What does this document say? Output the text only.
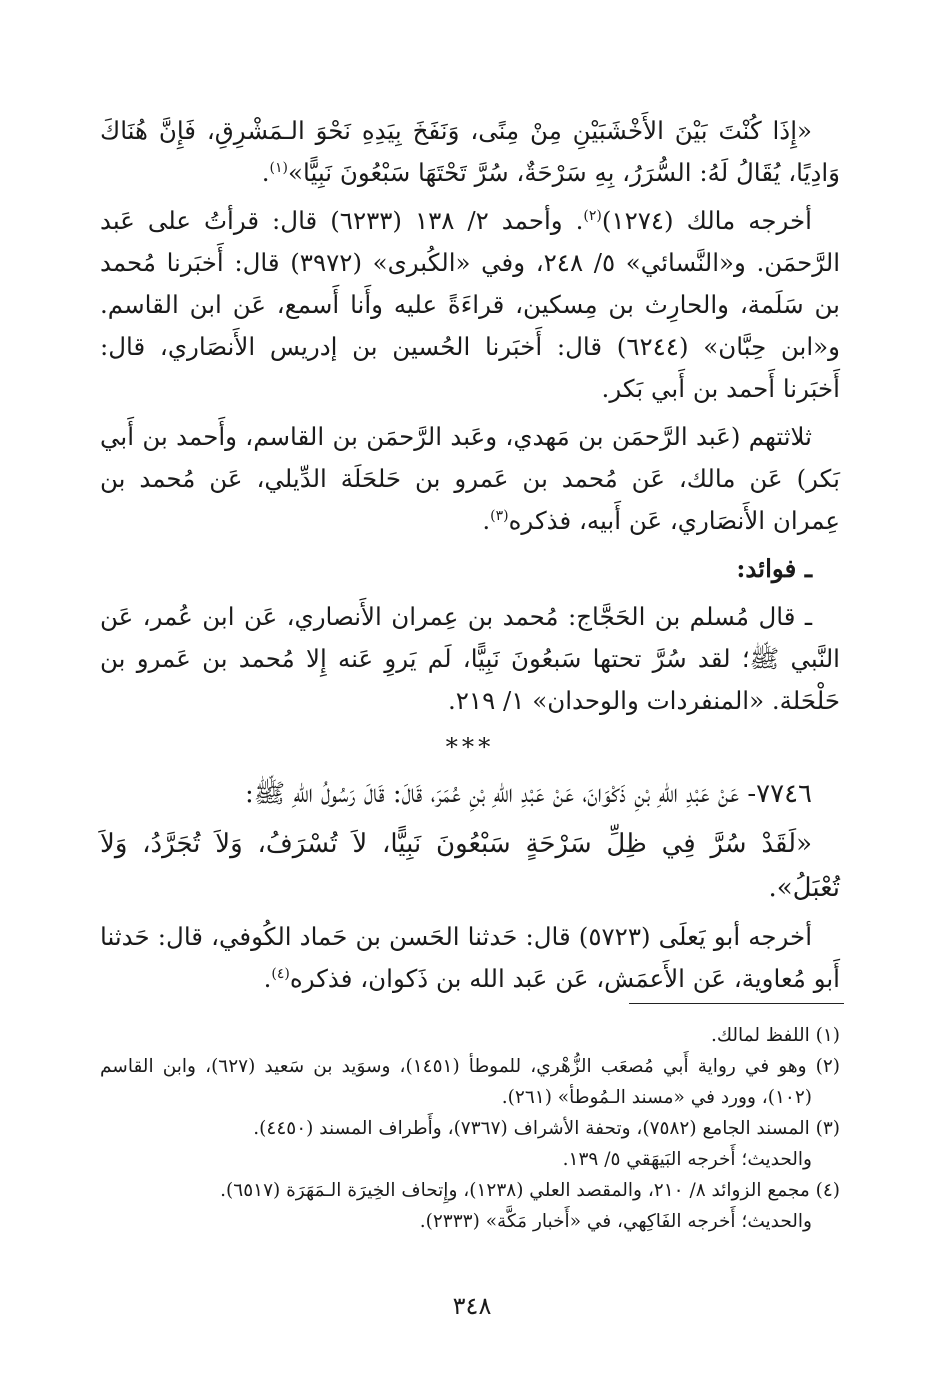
«إِذَا كُنْتَ بَيْنَ الأَخْشَبَيْنِ مِنْ مِنًى، وَنَفَخَ بِيَدِهِ نَحْوَ الـمَشْرِقِ، فَإِنَّ هُنَاكَ وَادِيًا، يُقَالُ لَهُ: السُّرَرُ، بِهِ سَرْحَةٌ، سُرَّ تَحْتَهَا سَبْعُونَ نَبِيًّا»$^{(١)}$.

أخرجه مالك (١٢٧٤)$^{(٢)}$. وأحمد ٢/ ١٣٨ (٦٢٣٣) قال: قرأتُ على عَبد الرَّحمَن. و«النَّسائي» ٥/ ٢٤٨، وفي «الكُبرى» (٣٩٧٢) قال: أَخبَرنا مُحمد بن سَلَمة، والحارِث بن مِسكين، قراءَةً عليه وأَنا أَسمع، عَن ابن القاسم. و«ابن حِبَّان» (٦٢٤٤) قال: أَخبَرنا الحُسين بن إدريس الأَنصَاري، قال: أَخبَرنا أَحمد بن أَبي بَكر.

ثلاثتهم (عَبد الرَّحمَن بن مَهدي، وعَبد الرَّحمَن بن القاسم، وأَحمد بن أَبي بَكر) عَن مالك، عَن مُحمد بن عَمرو بن حَلحَلَة الدِّيلي، عَن مُحمد بن عِمران الأَنصَاري، عَن أَبيه، فذكره$^{(٣)}$.

ـ فوائد:

ـ قال مُسلم بن الحَجَّاج: مُحمد بن عِمران الأَنصاري، عَن ابن عُمر، عَن النَّبي ﷺ؛ لقد سُرَّ تحتها سَبعُونَ نَبِيًّا، لَم يَروِ عَنه إِلا مُحمد بن عَمرو بن حَلْحَلة. «المنفردات والوحدان» ١/ ٢١٩.

***

٧٧٤٦- عَنْ عَبْدِ اللهِ بْنِ ذَكْوَانَ، عَنْ عَبْدِ اللهِ بْنِ عُمَرَ، قَالَ: قَالَ رَسُولُ اللهِ ﷺ:

«لَقَدْ سُرَّ فِي ظِلِّ سَرْحَةٍ سَبْعُونَ نَبِيًّا، لاَ تُسْرَفُ، وَلاَ تُجَرَّدُ، وَلاَ تُعْبَلُ».

أخرجه أبو يَعلَى (٥٧٢٣) قال: حَدثنا الحَسن بن حَماد الكُوفي، قال: حَدثنا أَبو مُعاوية، عَن الأَعمَش، عَن عَبد الله بن ذَكوان، فذكره$^{(٤)}$.

(١) اللفظ لمالك.

(٢) وهو في رواية أَبي مُصعَب الزُّهْري، للموطأ (١٤٥١)، وسوَيد بن سَعيد (٦٢٧)، وابن القاسم (١٠٢)، وورد في «مسند الـمُوطأ» (٢٦١).

(٣) المسند الجامع (٧٥٨٢)، وتحفة الأشراف (٧٣٦٧)، وأَطراف المسند (٤٤٥٠).

والحديث؛ أَخرجه البَيهَقي ٥/ ١٣٩.

(٤) مجمع الزوائد ٨/ ٢١٠، والمقصد العلي (١٢٣٨)، وإِتحاف الخِيرَة الـمَهَرَة (٦٥١٧).

والحديث؛ أَخرجه الفَاكِهي، في «أَخبار مَكَّة» (٢٣٣٣).

٣٤٨
